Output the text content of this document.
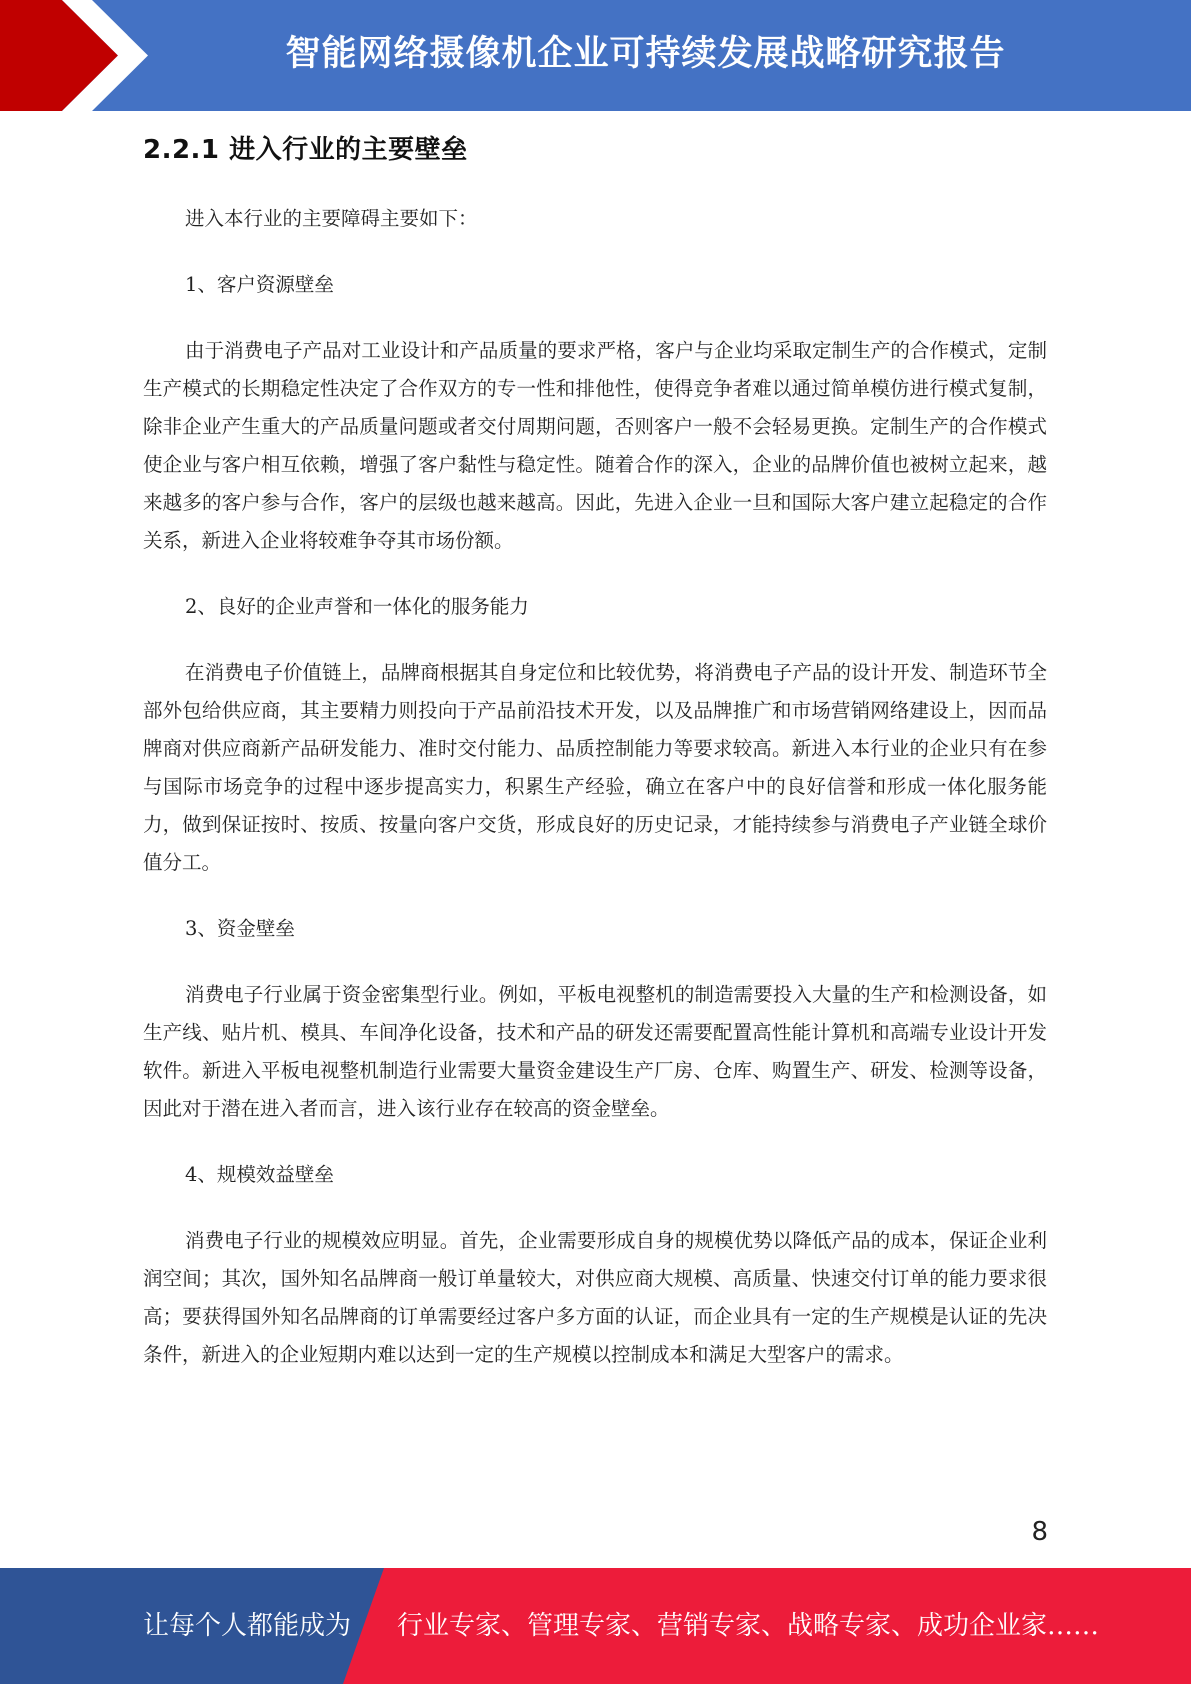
智能网络摄像机企业可持续发展战略研究报告
2.2.1 进入行业的主要壁垒

进入本行业的主要障碍主要如下：

1、客户资源壁垒

由于消费电子产品对工业设计和产品质量的要求严格，客户与企业均采取定制生产的合作模式，定制生产模式的长期稳定性决定了合作双方的专一性和排他性，使得竞争者难以通过简单模仿进行模式复制，除非企业产生重大的产品质量问题或者交付周期问题，否则客户一般不会轻易更换。定制生产的合作模式使企业与客户相互依赖，增强了客户黏性与稳定性。随着合作的深入，企业的品牌价值也被树立起来，越来越多的客户参与合作，客户的层级也越来越高。因此，先进入企业一旦和国际大客户建立起稳定的合作关系，新进入企业将较难争夺其市场份额。

2、良好的企业声誉和一体化的服务能力

在消费电子价值链上，品牌商根据其自身定位和比较优势，将消费电子产品的设计开发、制造环节全部外包给供应商，其主要精力则投向于产品前沿技术开发，以及品牌推广和市场营销网络建设上，因而品牌商对供应商新产品研发能力、准时交付能力、品质控制能力等要求较高。新进入本行业的企业只有在参与国际市场竞争的过程中逐步提高实力，积累生产经验，确立在客户中的良好信誉和形成一体化服务能力，做到保证按时、按质、按量向客户交货，形成良好的历史记录，才能持续参与消费电子产业链全球价值分工。

3、资金壁垒

消费电子行业属于资金密集型行业。例如，平板电视整机的制造需要投入大量的生产和检测设备，如生产线、贴片机、模具、车间净化设备，技术和产品的研发还需要配置高性能计算机和高端专业设计开发软件。新进入平板电视整机制造行业需要大量资金建设生产厂房、仓库、购置生产、研发、检测等设备，因此对于潜在进入者而言，进入该行业存在较高的资金壁垒。

4、规模效益壁垒

消费电子行业的规模效应明显。首先，企业需要形成自身的规模优势以降低产品的成本，保证企业利润空间；其次，国外知名品牌商一般订单量较大，对供应商大规模、高质量、快速交付订单的能力要求很高；要获得国外知名品牌商的订单需要经过客户多方面的认证，而企业具有一定的生产规模是认证的先决条件，新进入的企业短期内难以达到一定的生产规模以控制成本和满足大型客户的需求。

8
让每个人都能成为 行业专家、管理专家、营销专家、战略专家、成功企业家……
